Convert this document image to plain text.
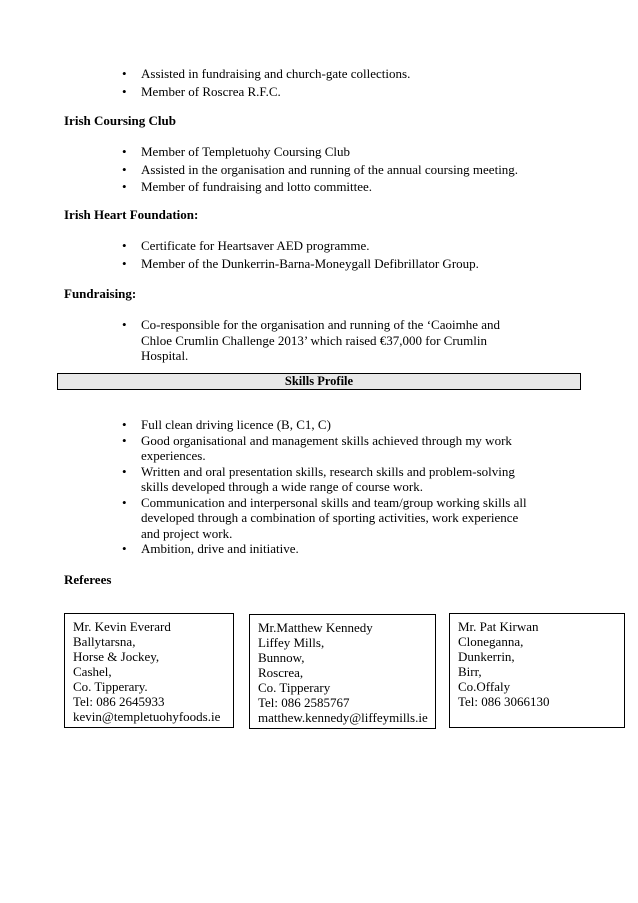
• Assisted in fundraising and church-gate collections.
• Member of Roscrea R.F.C.
Irish Coursing Club
• Member of Templetuohy Coursing Club
• Assisted in the organisation and running of the annual coursing meeting.
• Member of fundraising and lotto committee.
Irish Heart Foundation:
• Certificate for Heartsaver AED programme.
• Member of the Dunkerrin-Barna-Moneygall Defibrillator Group.
Fundraising:
• Co-responsible for the organisation and running of the ‘Caoimhe and Chloe Crumlin Challenge 2013’ which raised €37,000 for Crumlin Hospital.
Skills Profile
• Full clean driving licence (B, C1, C)
• Good organisational and management skills achieved through my work experiences.
• Written and oral presentation skills, research skills and problem-solving skills developed through a wide range of course work.
• Communication and interpersonal skills and team/group working skills all developed through a combination of sporting activities, work experience and project work.
• Ambition, drive and initiative.
Referees
Mr. Kevin Everard
Ballytarsna,
Horse & Jockey,
Cashel,
Co. Tipperary.
Tel: 086 2645933
kevin@templetuohyfoods.ie
Mr.Matthew Kennedy
Liffey Mills,
Bunnow,
Roscrea,
Co. Tipperary
Tel: 086 2585767
matthew.kennedy@liffeymills.ie
Mr. Pat Kirwan
Cloneganna,
Dunkerrin,
Birr,
Co.Offaly
Tel: 086 3066130
